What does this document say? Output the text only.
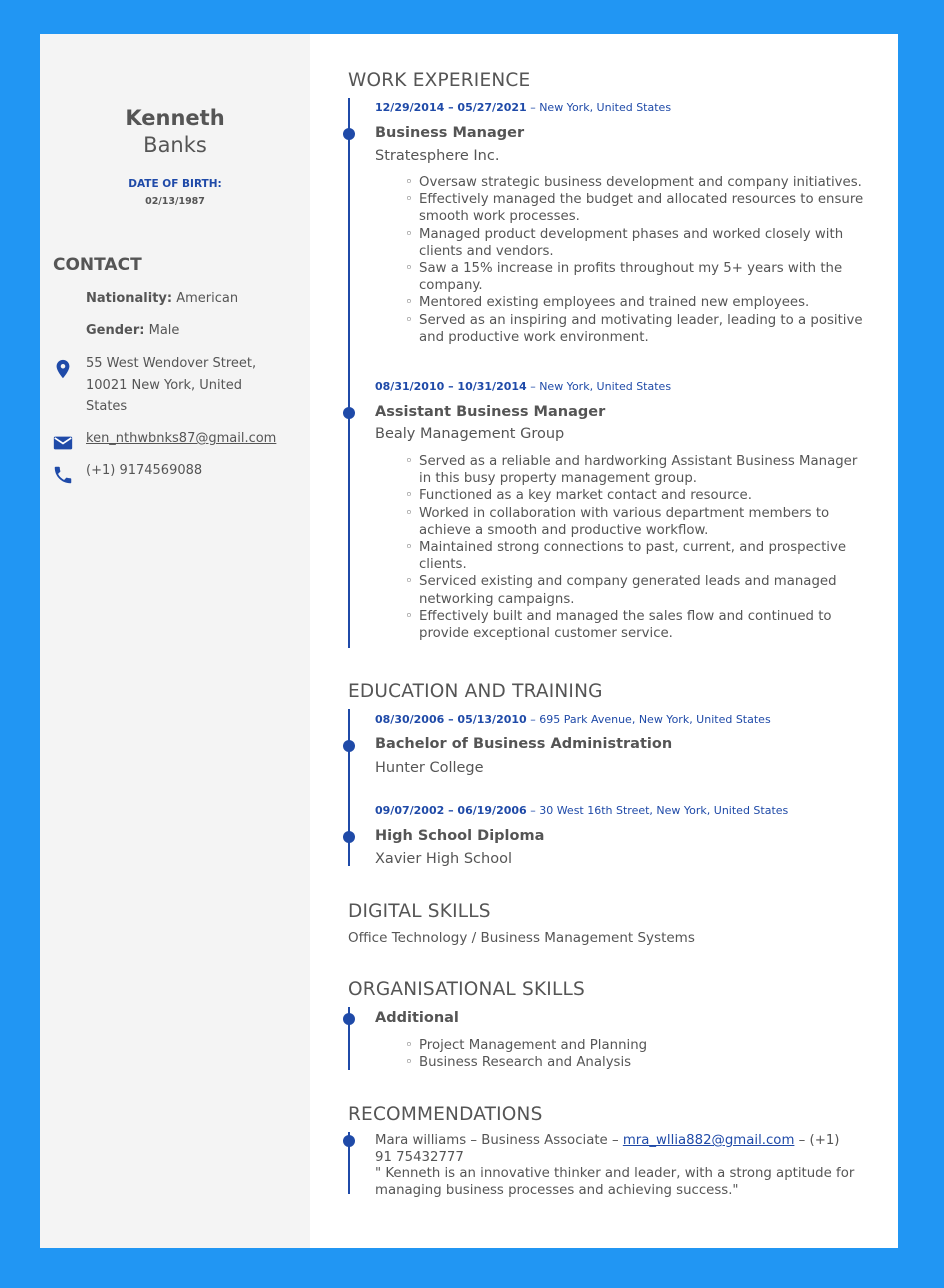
Kenneth
Banks
DATE OF BIRTH:
02/13/1987
CONTACT
Nationality: American
Gender: Male
55 West Wendover Street,
10021 New York, United
States
ken_nthwbnks87@gmail.com
(+1) 9174569088
WORK EXPERIENCE
12/29/2014 – 05/27/2021 – New York, United States
Business Manager
Stratesphere Inc.
◦ Oversaw strategic business development and company initiatives.
◦ Effectively managed the budget and allocated resources to ensure smooth work processes.
◦ Managed product development phases and worked closely with clients and vendors.
◦ Saw a 15% increase in profits throughout my 5+ years with the company.
◦ Mentored existing employees and trained new employees.
◦ Served as an inspiring and motivating leader, leading to a positive and productive work environment.
08/31/2010 – 10/31/2014 – New York, United States
Assistant Business Manager
Bealy Management Group
◦ Served as a reliable and hardworking Assistant Business Manager in this busy property management group.
◦ Functioned as a key market contact and resource.
◦ Worked in collaboration with various department members to achieve a smooth and productive workflow.
◦ Maintained strong connections to past, current, and prospective clients.
◦ Serviced existing and company generated leads and managed networking campaigns.
◦ Effectively built and managed the sales flow and continued to provide exceptional customer service.
EDUCATION AND TRAINING
08/30/2006 – 05/13/2010 – 695 Park Avenue, New York, United States
Bachelor of Business Administration
Hunter College
09/07/2002 – 06/19/2006 – 30 West 16th Street, New York, United States
High School Diploma
Xavier High School
DIGITAL SKILLS
Office Technology / Business Management Systems
ORGANISATIONAL SKILLS
Additional
◦ Project Management and Planning
◦ Business Research and Analysis
RECOMMENDATIONS
Mara williams – Business Associate – mra_wllia882@gmail.com – (+1) 91 75432777
" Kenneth is an innovative thinker and leader, with a strong aptitude for managing business processes and achieving success."
